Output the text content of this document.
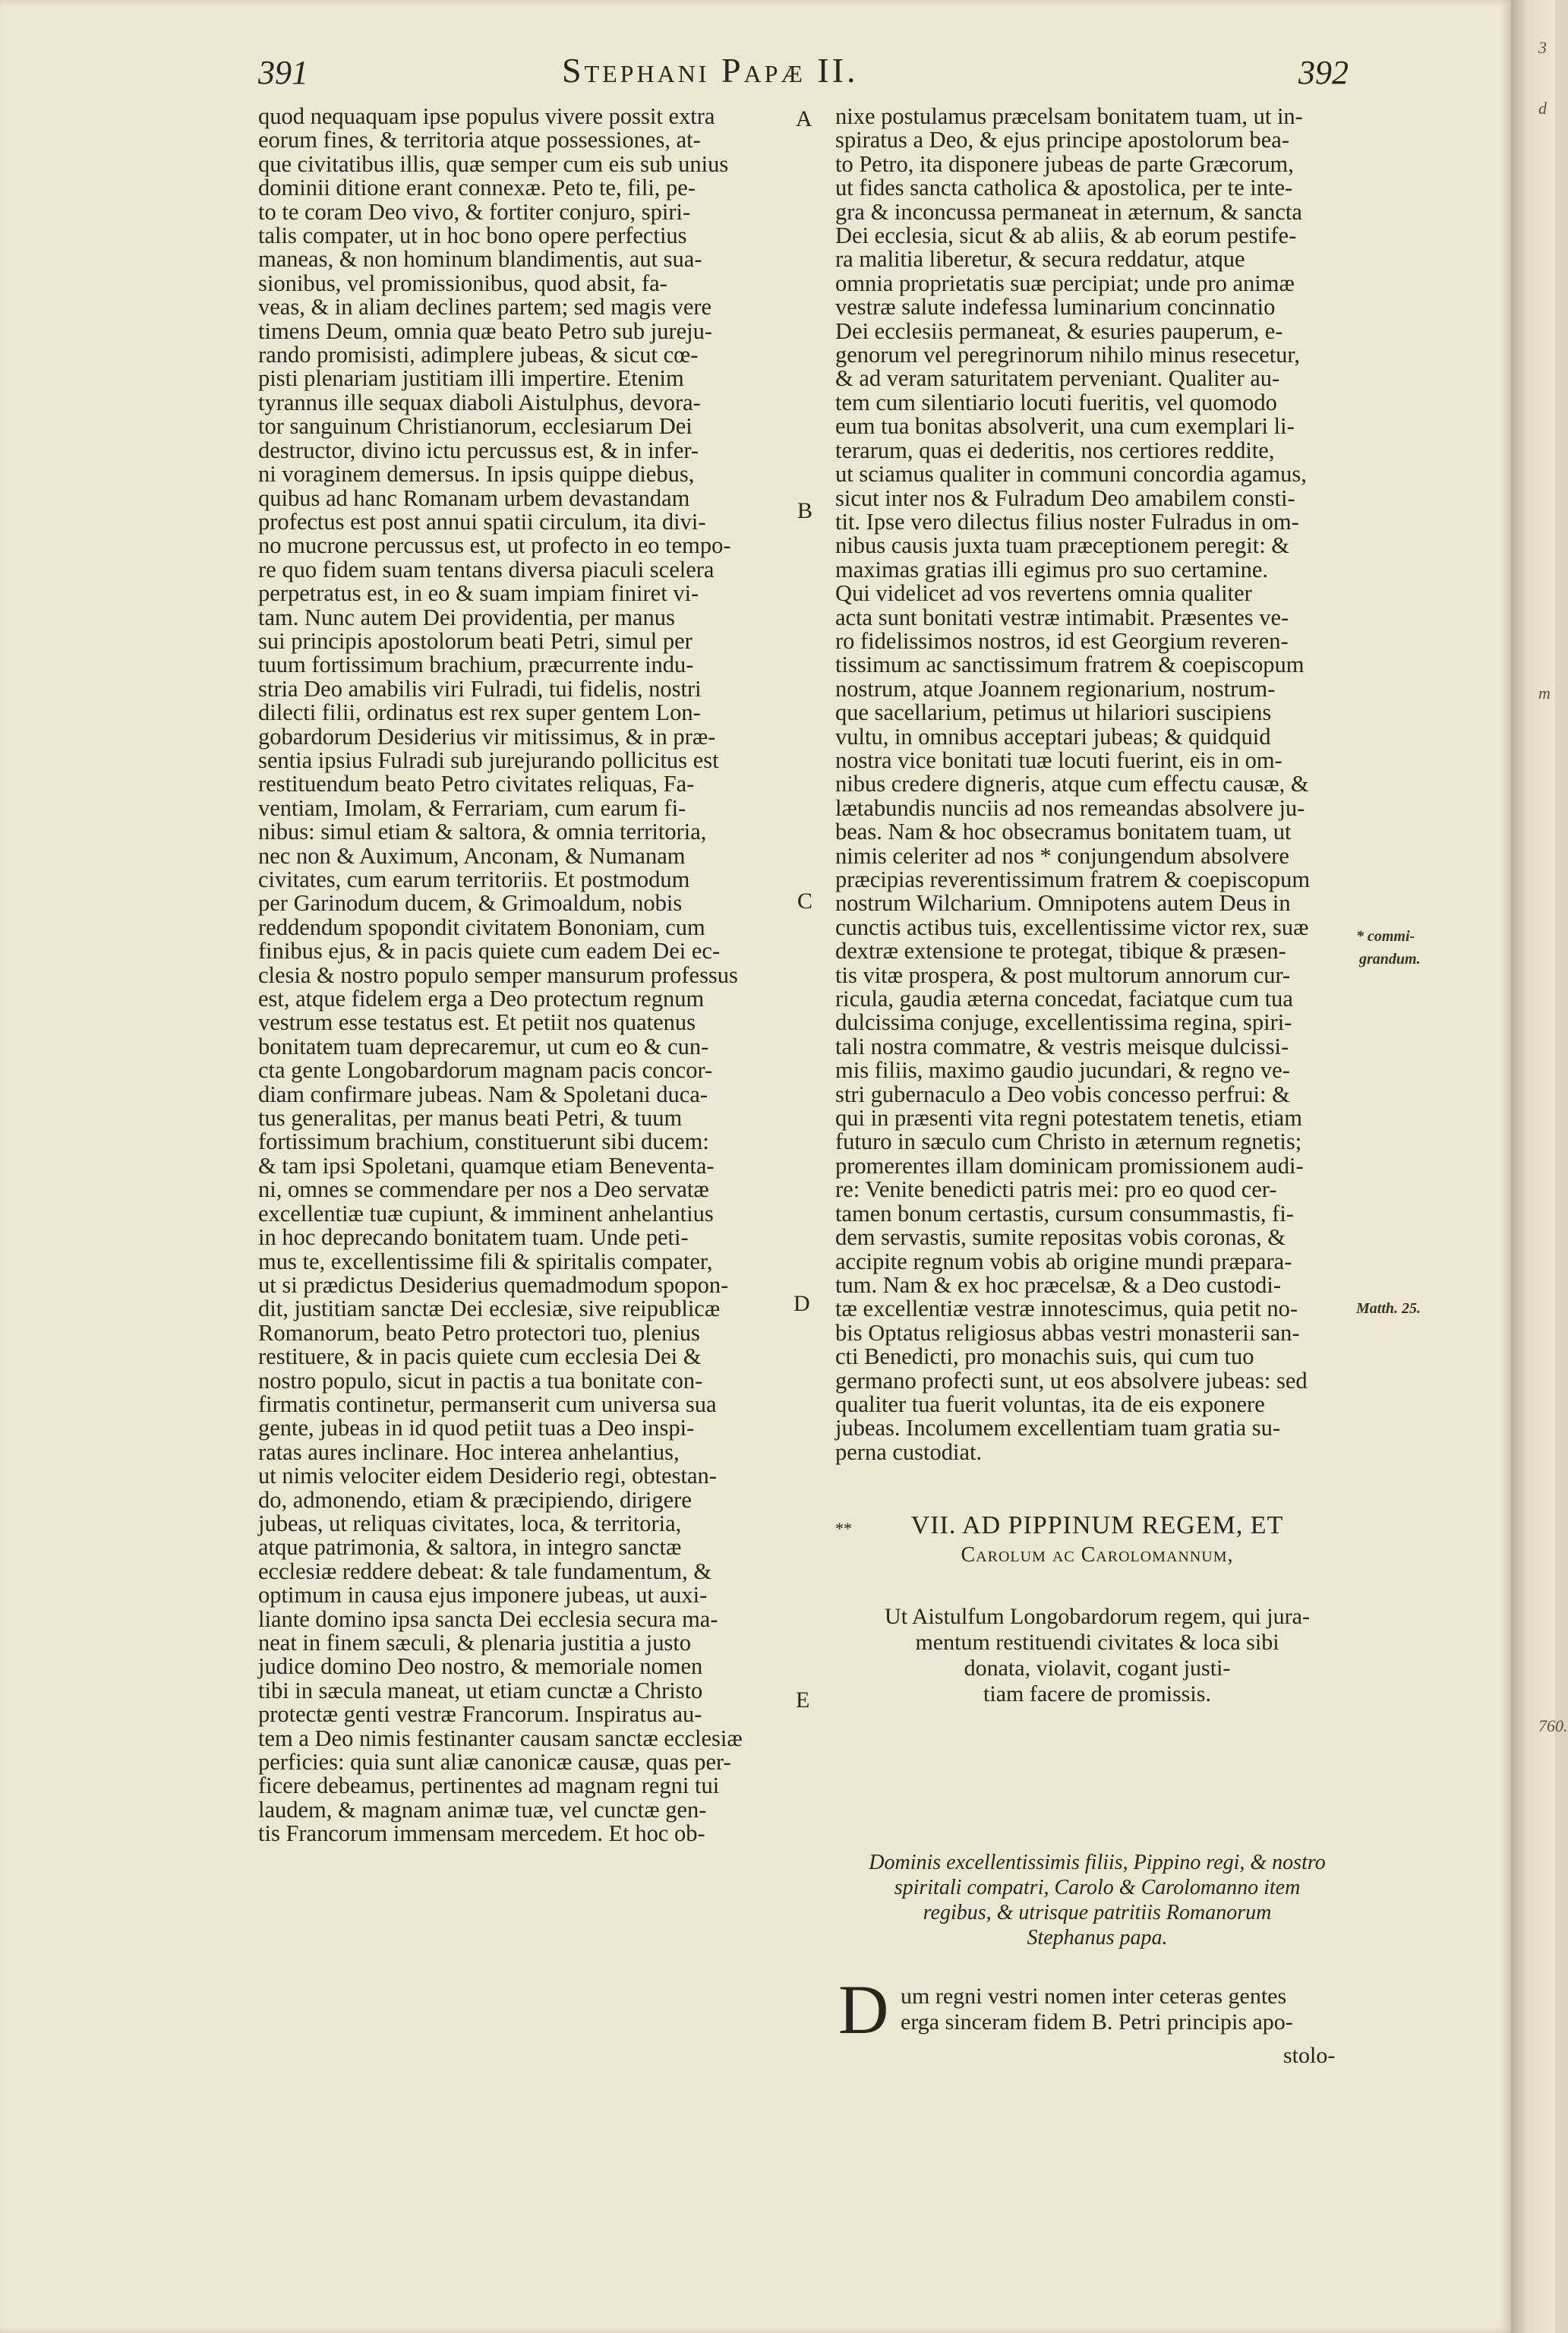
391	Stephani Papæ II.	392
quod nequaquam ipse populus vivere possit extra
eorum fines, & territoria atque possessiones, at-
que civitatibus illis, quæ semper cum eis sub unius
dominii ditione erant connexæ. Peto te, fili, pe-
to te coram Deo vivo, & fortiter conjuro, spiri-
talis compater, ut in hoc bono opere perfectius
maneas, & non hominum blandimentis, aut sua-
sionibus, vel promissionibus, quod absit, fa-
veas, & in aliam declines partem; sed magis vere
timens Deum, omnia quæ beato Petro sub jureju-
rando promisisti, adimplere jubeas, & sicut cœ-
pisti plenariam justitiam illi impertire. Etenim
tyrannus ille sequax diaboli Aistulphus, devora-
tor sanguinum Christianorum, ecclesiarum Dei
destructor, divino ictu percussus est, & in infer-
ni voraginem demersus. In ipsis quippe diebus,
quibus ad hanc Romanam urbem devastandam
profectus est post annui spatii circulum, ita divi-
no mucrone percussus est, ut profecto in eo tempo-
re quo fidem suam tentans diversa piaculi scelera
perpetratus est, in eo & suam impiam finiret vi-
tam. Nunc autem Dei providentia, per manus
sui principis apostolorum beati Petri, simul per
tuum fortissimum brachium, præcurrente indu-
stria Deo amabilis viri Fulradi, tui fidelis, nostri
dilecti filii, ordinatus est rex super gentem Lon-
gobardorum Desiderius vir mitissimus, & in præ-
sentia ipsius Fulradi sub jurejurando pollicitus est
restituendum beato Petro civitates reliquas, Fa-
ventiam, Imolam, & Ferrariam, cum earum fi-
nibus: simul etiam & saltora, & omnia territoria,
nec non & Auximum, Anconam, & Numanam
civitates, cum earum territoriis. Et postmodum
per Garinodum ducem, & Grimoaldum, nobis
reddendum spopondit civitatem Bononiam, cum
finibus ejus, & in pacis quiete cum eadem Dei ec-
clesia & nostro populo semper mansurum professus
est, atque fidelem erga a Deo protectum regnum
vestrum esse testatus est. Et petiit nos quatenus
bonitatem tuam deprecaremur, ut cum eo & cun-
cta gente Longobardorum magnam pacis concor-
diam confirmare jubeas. Nam & Spoletani duca-
tus generalitas, per manus beati Petri, & tuum
fortissimum brachium, constituerunt sibi ducem:
& tam ipsi Spoletani, quamque etiam Beneventa-
ni, omnes se commendare per nos a Deo servatæ
excellentiæ tuæ cupiunt, & imminent anhelantius
in hoc deprecando bonitatem tuam. Unde peti-
mus te, excellentissime fili & spiritalis compater,
ut si prædictus Desiderius quemadmodum spopon-
dit, justitiam sanctæ Dei ecclesiæ, sive reipublicæ
Romanorum, beato Petro protectori tuo, plenius
restituere, & in pacis quiete cum ecclesia Dei &
nostro populo, sicut in pactis a tua bonitate con-
firmatis continetur, permanserit cum universa sua
gente, jubeas in id quod petiit tuas a Deo inspi-
ratas aures inclinare. Hoc interea anhelantius,
ut nimis velociter eidem Desiderio regi, obtestan-
do, admonendo, etiam & præcipiendo, dirigere
jubeas, ut reliquas civitates, loca, & territoria,
atque patrimonia, & saltora, in integro sanctæ
ecclesiæ reddere debeat: & tale fundamentum, &
optimum in causa ejus imponere jubeas, ut auxi-
liante domino ipsa sancta Dei ecclesia secura ma-
neat in finem sæculi, & plenaria justitia a justo
judice domino Deo nostro, & memoriale nomen
tibi in sæcula maneat, ut etiam cunctæ a Christo
protectæ genti vestræ Francorum. Inspiratus au-
tem a Deo nimis festinanter causam sanctæ ecclesiæ
perficies: quia sunt aliæ canonicæ causæ, quas per-
ficere debeamus, pertinentes ad magnam regni tui
laudem, & magnam animæ tuæ, vel cunctæ gen-
tis Francorum immensam mercedem. Et hoc ob-
nixe postulamus præcelsam bonitatem tuam, ut in-
spiratus a Deo, & ejus principe apostolorum bea-
to Petro, ita disponere jubeas de parte Græcorum,
ut fides sancta catholica & apostolica, per te inte-
gra & inconcussa permaneat in æternum, & sancta
Dei ecclesia, sicut & ab aliis, & ab eorum pestife-
ra malitia liberetur, & secura reddatur, atque
omnia proprietatis suæ percipiat; unde pro animæ
vestræ salute indefessa luminarium concinnatio
Dei ecclesiis permaneat, & esuries pauperum, e-
genorum vel peregrinorum nihilo minus resecetur,
& ad veram saturitatem perveniant. Qualiter au-
tem cum silentiario locuti fueritis, vel quomodo
eum tua bonitas absolverit, una cum exemplari li-
terarum, quas ei dederitis, nos certiores reddite,
ut sciamus qualiter in communi concordia agamus,
sicut inter nos & Fulradum Deo amabilem consti-
tit. Ipse vero dilectus filius noster Fulradus in om-
nibus causis juxta tuam præceptionem peregit: &
maximas gratias illi egimus pro suo certamine.
Qui videlicet ad vos revertens omnia qualiter
acta sunt bonitati vestræ intimabit. Præsentes ve-
ro fidelissimos nostros, id est Georgium reveren-
tissimum ac sanctissimum fratrem & coepiscopum
nostrum, atque Joannem regionarium, nostrum-
que sacellarium, petimus ut hilariori suscipiens
vultu, in omnibus acceptari jubeas; & quidquid
nostra vice bonitati tuæ locuti fuerint, eis in om-
nibus credere digneris, atque cum effectu causæ, &
lætabundis nunciis ad nos remeandas absolvere ju-
beas. Nam & hoc obsecramus bonitatem tuam, ut
nimis celeriter ad nos * conjungendum absolvere
præcipias reverentissimum fratrem & coepiscopum
nostrum Wilcharium. Omnipotens autem Deus in
cunctis actibus tuis, excellentissime victor rex, suæ
dextræ extensione te protegat, tibique & præsen-
tis vitæ prospera, & post multorum annorum cur-
ricula, gaudia æterna concedat, faciatque cum tua
dulcissima conjuge, excellentissima regina, spiri-
tali nostra commatre, & vestris meisque dulcissi-
mis filiis, maximo gaudio jucundari, & regno ve-
stri gubernaculo a Deo vobis concesso perfrui: &
qui in præsenti vita regni potestatem tenetis, etiam
futuro in sæculo cum Christo in æternum regnetis;
promerentes illam dominicam promissionem audi-
re: Venite benedicti patris mei: pro eo quod cer-
tamen bonum certastis, cursum consummastis, fi-
dem servastis, sumite repositas vobis coronas, &
accipite regnum vobis ab origine mundi præpara-
tum. Nam & ex hoc præcelsæ, & a Deo custodi-
tæ excellentiæ vestræ innotescimus, quia petit no-
bis Optatus religiosus abbas vestri monasterii san-
cti Benedicti, pro monachis suis, qui cum tuo
germano profecti sunt, ut eos absolvere jubeas: sed
qualiter tua fuerit voluntas, ita de eis exponere
jubeas. Incolumem excellentiam tuam gratia su-
perna custodiat.
A
B
C
D
E
* commi-
grandum.
Matth. 25.
**	VII. AD PIPPINUM REGEM, ET
Carolum ac Carolomannum,
Ut Aistulfum Longobardorum regem, qui jura-
mentum restituendi civitates & loca sibi
donata, violavit, cogant justi-
tiam facere de promissis.
Dominis excellentissimis filiis, Pippino regi, & nostro
spiritali compatri, Carolo & Carolomanno item
regibus, & utrisque patritiis Romanorum
Stephanus papa.
D um regni vestri nomen inter ceteras gentes
erga sinceram fidem B. Petri principis apo-
stolo-
3
d
m
760.
